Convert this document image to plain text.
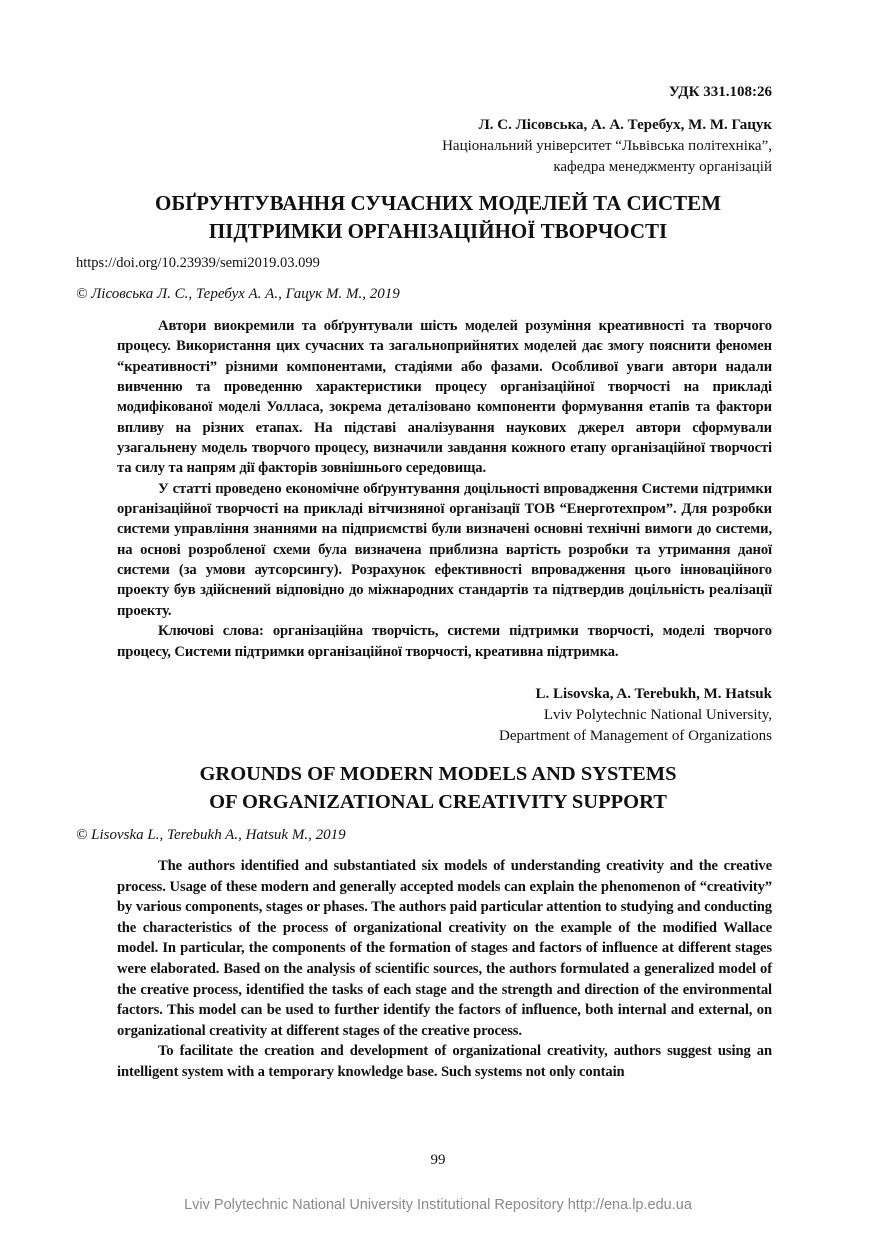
УДК 331.108:26
Л. С. Лісовська, А. А. Теребух, М. М. Гацук
Національний університет “Львівська політехніка”,
кафедра менеджменту організацій
ОБҐРУНТУВАННЯ СУЧАСНИХ МОДЕЛЕЙ ТА СИСТЕМ
ПІДТРИМКИ ОРГАНІЗАЦІЙНОЇ ТВОРЧОСТІ
https://doi.org/10.23939/semi2019.03.099
© Лісовська Л. С., Теребух А. А., Гацук М. М., 2019

Автори виокремили та обґрунтували шість моделей розуміння креативності та творчого процесу. Використання цих сучасних та загальноприйнятих моделей дає змогу пояснити феномен “креативності” різними компонентами, стадіями або фазами. Особливої уваги автори надали вивченню та проведенню характеристики процесу організаційної творчості на прикладі модифікованої моделі Уолласа, зокрема деталізовано компоненти формування етапів та фактори впливу на різних етапах. На підставі аналізування наукових джерел автори сформували узагальнену модель творчого процесу, визначили завдання кожного етапу організаційної творчості та силу та напрям дії факторів зовнішнього середовища.

У статті проведено економічне обґрунтування доцільності впровадження Системи підтримки організаційної творчості на прикладі вітчизняної організації ТОВ “Енерготехпром”. Для розробки системи управління знаннями на підприємстві були визначені основні технічні вимоги до системи, на основі розробленої схеми була визначена приблизна вартість розробки та утримання даної системи (за умови аутсорсингу). Розрахунок ефективності впровадження цього інноваційного проекту був здійснений відповідно до міжнародних стандартів та підтвердив доцільність реалізації проекту.

Ключові слова: організаційна творчість, системи підтримки творчості, моделі творчого процесу, Системи підтримки організаційної творчості, креативна підтримка.

L. Lisovska, A. Terebukh, M. Hatsuk
Lviv Polytechnic National University,
Department of Management of Organizations
GROUNDS OF MODERN MODELS AND SYSTEMS
OF ORGANIZATIONAL CREATIVITY SUPPORT
© Lisovska L., Terebukh A., Hatsuk M., 2019

The authors identified and substantiated six models of understanding creativity and the creative process. Usage of these modern and generally accepted models can explain the phenomenon of “creativity” by various components, stages or phases. The authors paid particular attention to studying and conducting the characteristics of the process of organizational creativity on the example of the modified Wallace model. In particular, the components of the formation of stages and factors of influence at different stages were elaborated. Based on the analysis of scientific sources, the authors formulated a generalized model of the creative process, identified the tasks of each stage and the strength and direction of the environmental factors. This model can be used to further identify the factors of influence, both internal and external, on organizational creativity at different stages of the creative process.

To facilitate the creation and development of organizational creativity, authors suggest using an intelligent system with a temporary knowledge base. Such systems not only contain

99
Lviv Polytechnic National University Institutional Repository http://ena.lp.edu.ua
